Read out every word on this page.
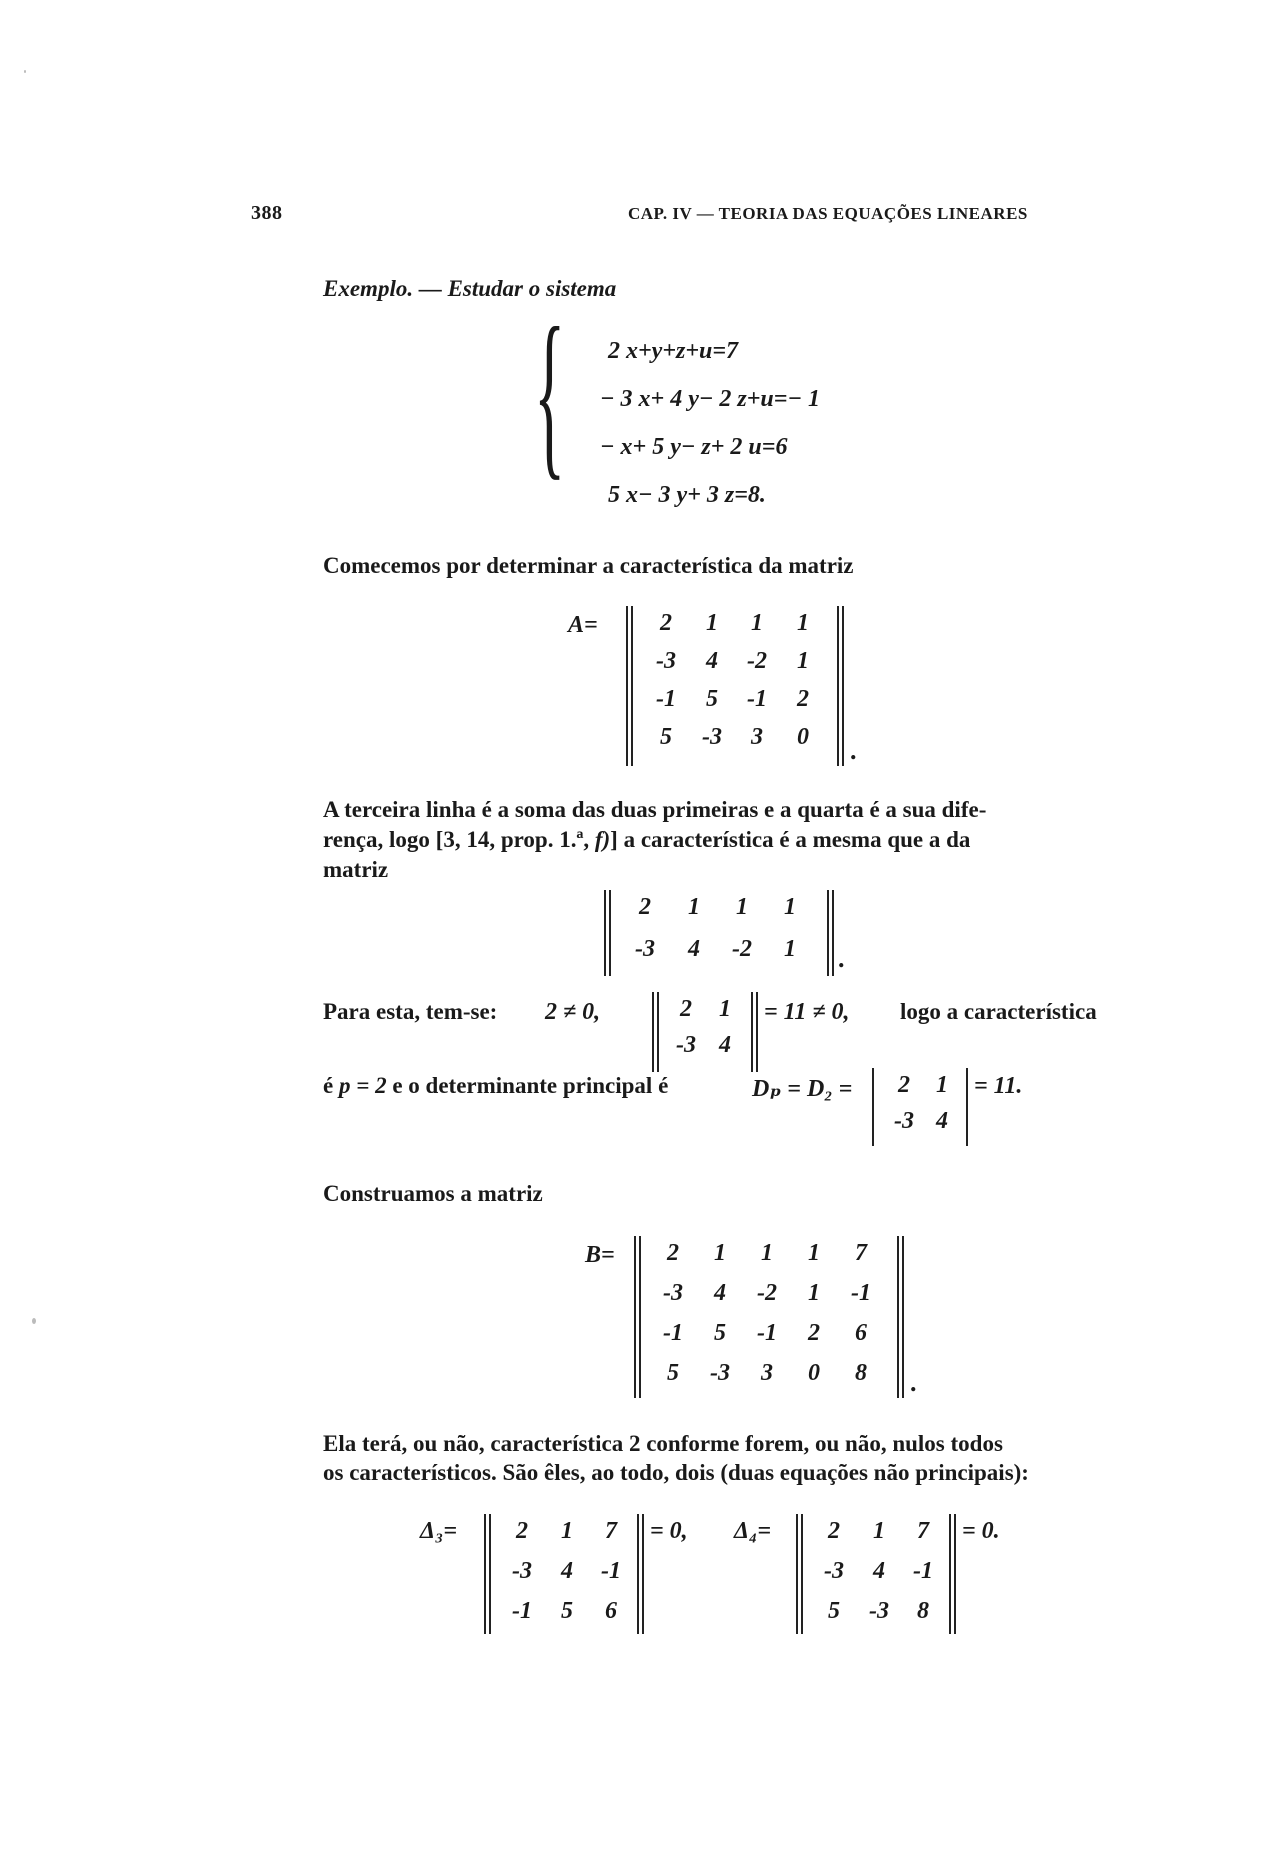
388	CAP. IV — TEORIA DAS EQUAÇÕES LINEARES
Exemplo. — Estudar o sistema
{ 2 x+y+z+u=7
− 3 x+ 4 y− 2 z+u=− 1
− x+ 5 y− z+ 2 u=6
5 x− 3 y+ 3 z=8.
Comecemos por determinar a característica da matriz
A=	2	1	1	1
-3	4	-2	1
-1	5	-1	2
5	-3	3	0	.
A terceira linha é a soma das duas primeiras e a quarta é a sua dife-
rença, logo [3, 14, prop. 1.ª, f)] a característica é a mesma que a da
matriz
2	1	1	1
-3	4	-2	1	.
Para esta, tem-se: 2 ≠ 0,	2	1
-3 4
= 11 ≠ 0, logo a característica
é p = 2 e o determinante principal é	Dₚ = D₂ =	2	1
-3 4
= 11.
Construamos a matriz
B=	2	1	1	1	7
-3	4	-2	1	-1
-1	5	-1	2	6
5	-3	3	0	8	.
Ela terá, ou não, característica 2 conforme forem, ou não, nulos todos
os característicos. São êles, ao todo, dois (duas equações não principais):
Δ₃=	2	1	7
-3	4	-1
-1	5	6
= 0, Δ₄=	2	1	7
-3	4	-1
5	-3	8
= 0.
